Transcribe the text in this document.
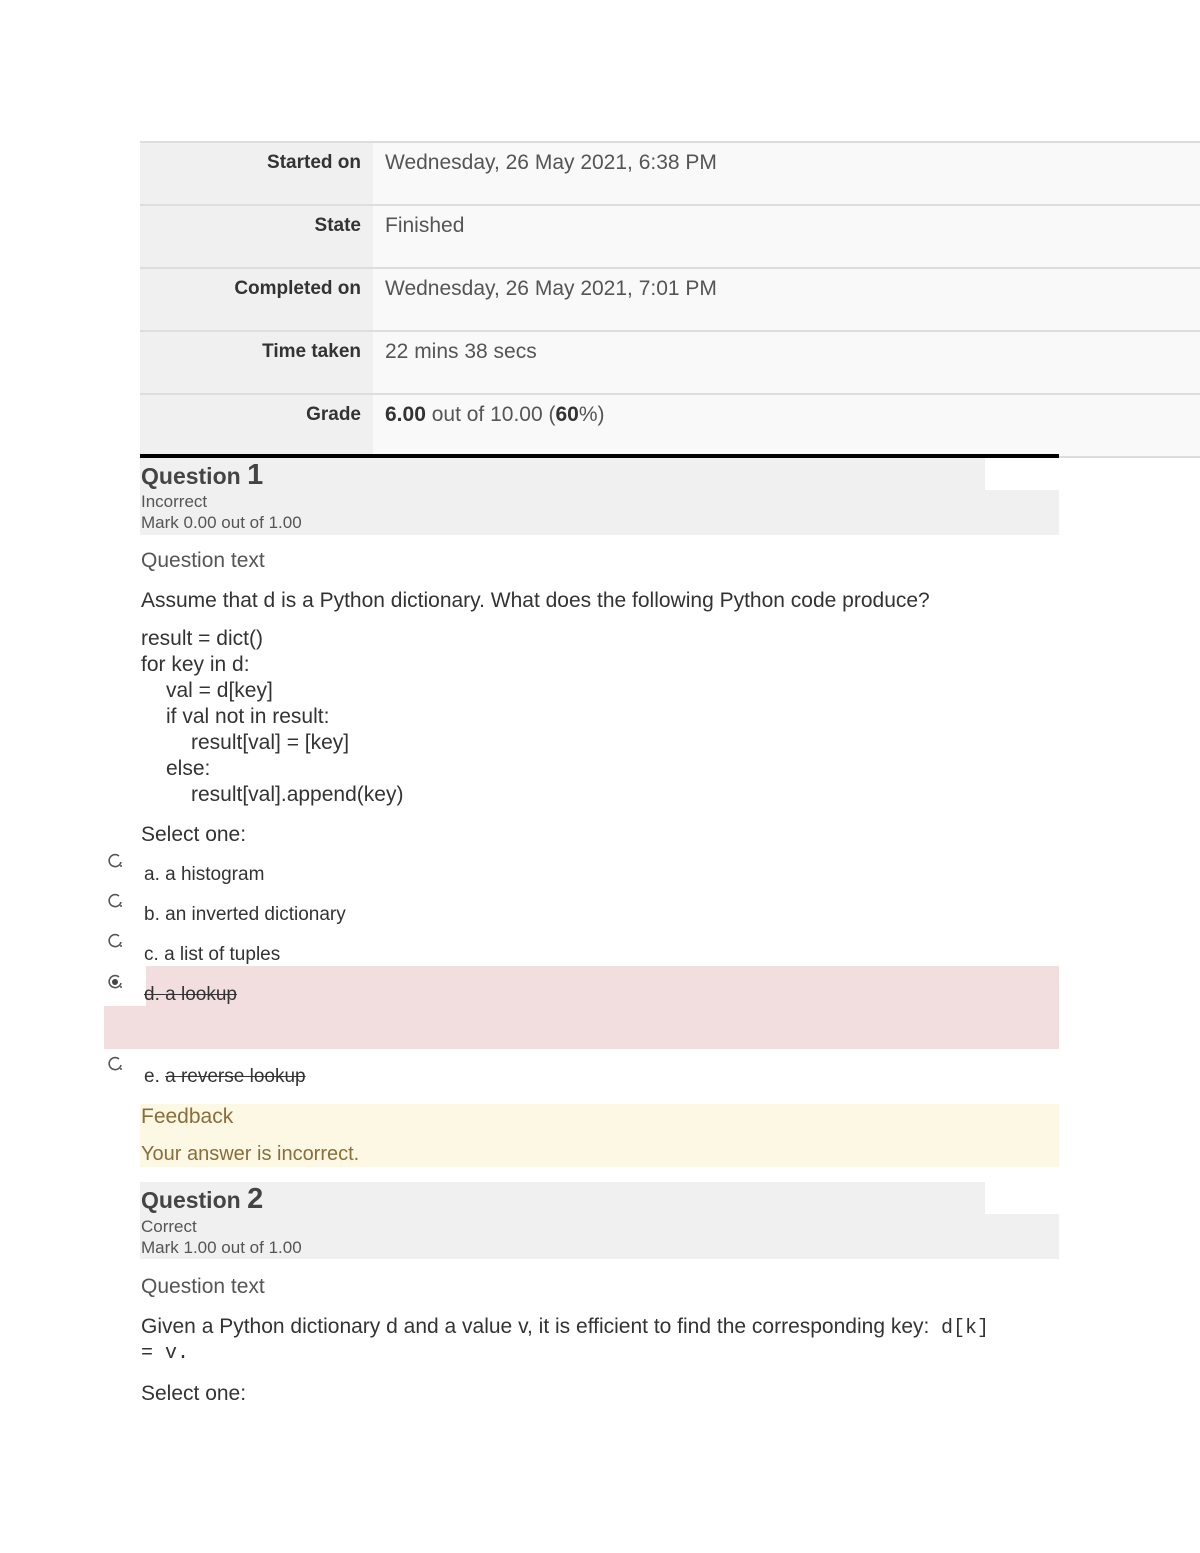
Started on	Wednesday, 26 May 2021, 6:38 PM
State	Finished
Completed on	Wednesday, 26 May 2021, 7:01 PM
Time taken	22 mins 38 secs
Grade	6.00 out of 10.00 (60%)
Question 1
Incorrect
Mark 0.00 out of 1.00
Question text
Assume that d is a Python dictionary. What does the following Python code produce?
result = dict()
for key in d:
val = d[key]
if val not in result:
result[val] = [key]
else:
result[val].append(key)
Select one:
a. a histogram
b. an inverted dictionary
c. a list of tuples
d. a lookup
e. a reverse lookup
Feedback
Your answer is incorrect.
Question 2
Correct
Mark 1.00 out of 1.00
Question text
Given a Python dictionary d and a value v, it is efficient to find the corresponding key: d[k]
= v.
Select one:
